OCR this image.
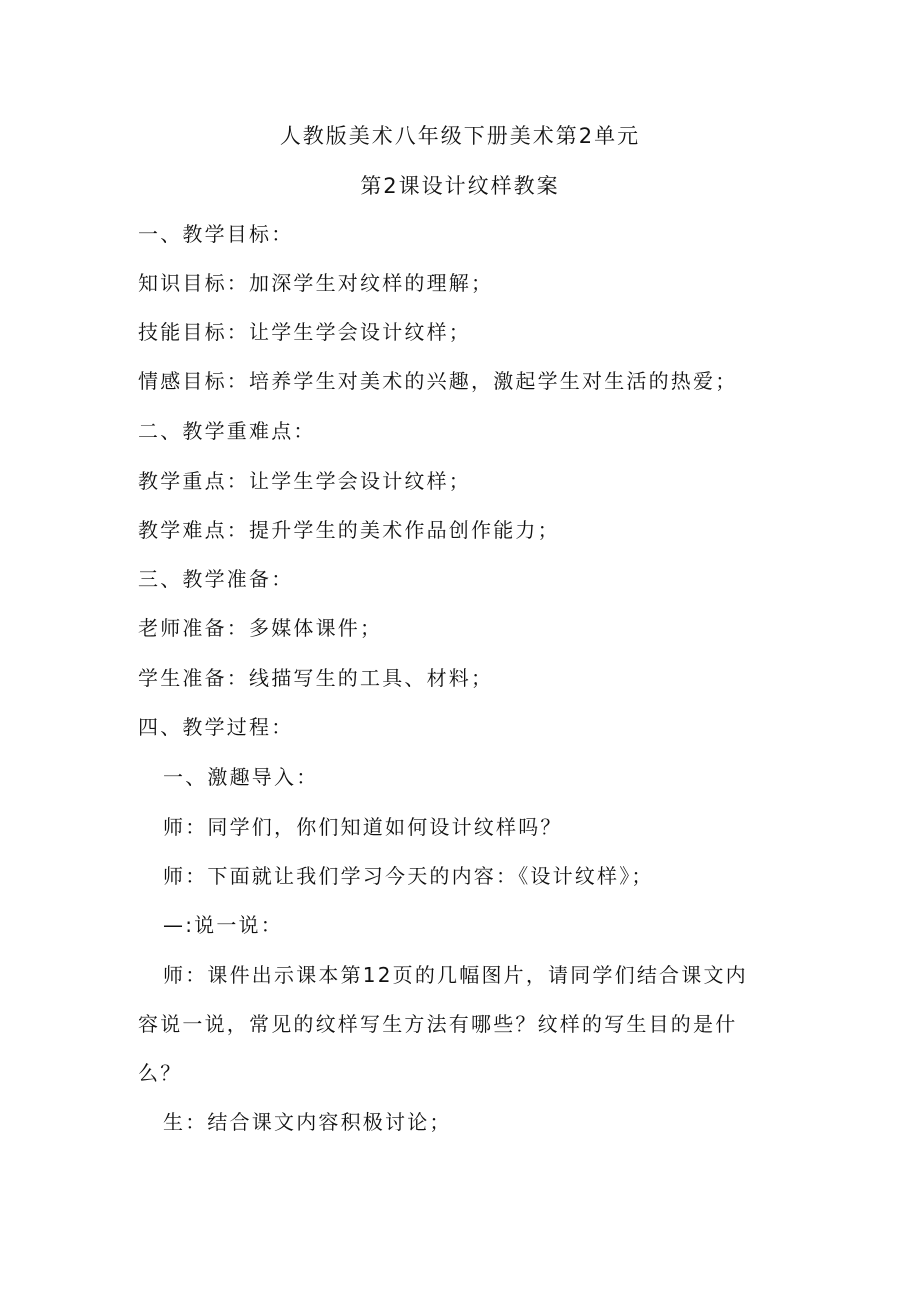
人教版美术八年级下册美术第2单元
第2课设计纹样教案
一、教学目标：
知识目标：加深学生对纹样的理解；
技能目标：让学生学会设计纹样；
情感目标：培养学生对美术的兴趣，激起学生对生活的热爱；
二、教学重难点：
教学重点：让学生学会设计纹样；
教学难点：提升学生的美术作品创作能力；
三、教学准备：
老师准备：多媒体课件；
学生准备：线描写生的工具、材料；
四、教学过程：
一、激趣导入：
师：同学们，你们知道如何设计纹样吗？
师：下面就让我们学习今天的内容：《设计纹样》；
—:说一说：
师：课件出示课本第12页的几幅图片，请同学们结合课文内
容说一说，常见的纹样写生方法有哪些？纹样的写生目的是什
么？
生：结合课文内容积极讨论；
